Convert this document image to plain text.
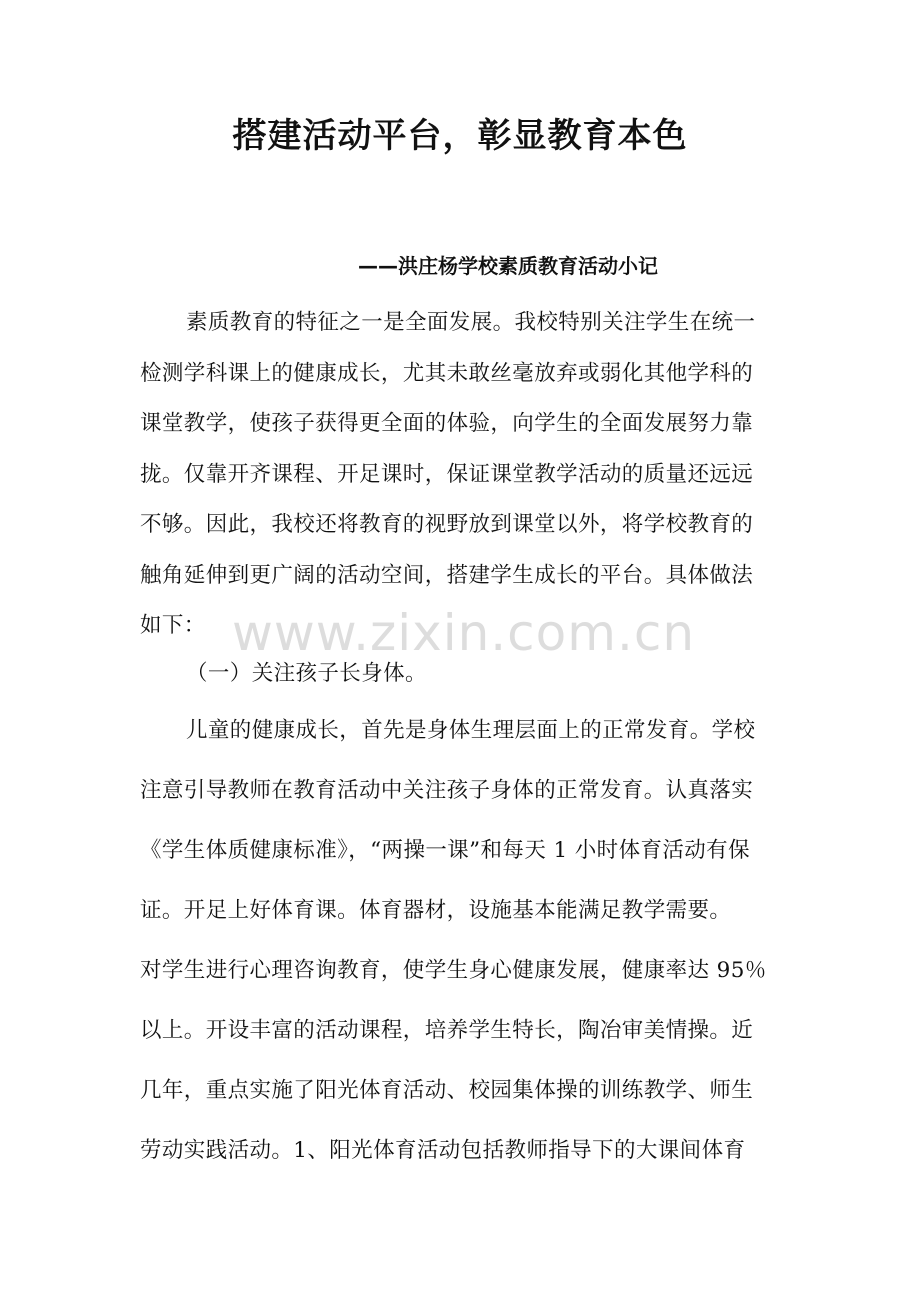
搭建活动平台，彰显教育本色
——洪庄杨学校素质教育活动小记
www.zixin.com.cn
素质教育的特征之一是全面发展。我校特别关注学生在统一
检测学科课上的健康成长，尤其未敢丝毫放弃或弱化其他学科的
课堂教学，使孩子获得更全面的体验，向学生的全面发展努力靠
拢。仅靠开齐课程、开足课时，保证课堂教学活动的质量还远远
不够。因此，我校还将教育的视野放到课堂以外，将学校教育的
触角延伸到更广阔的活动空间，搭建学生成长的平台。具体做法
如下：
（一）关注孩子长身体。
儿童的健康成长，首先是身体生理层面上的正常发育。学校
注意引导教师在教育活动中关注孩子身体的正常发育。认真落实
《学生体质健康标准》，“两操一课”和每天 1 小时体育活动有保
证。开足上好体育课。体育器材，设施基本能满足教学需要。
对学生进行心理咨询教育，使学生身心健康发展，健康率达 95％
以上。开设丰富的活动课程，培养学生特长，陶冶审美情操。近
几年，重点实施了阳光体育活动、校园集体操的训练教学、师生
劳动实践活动。1、阳光体育活动包括教师指导下的大课间体育
